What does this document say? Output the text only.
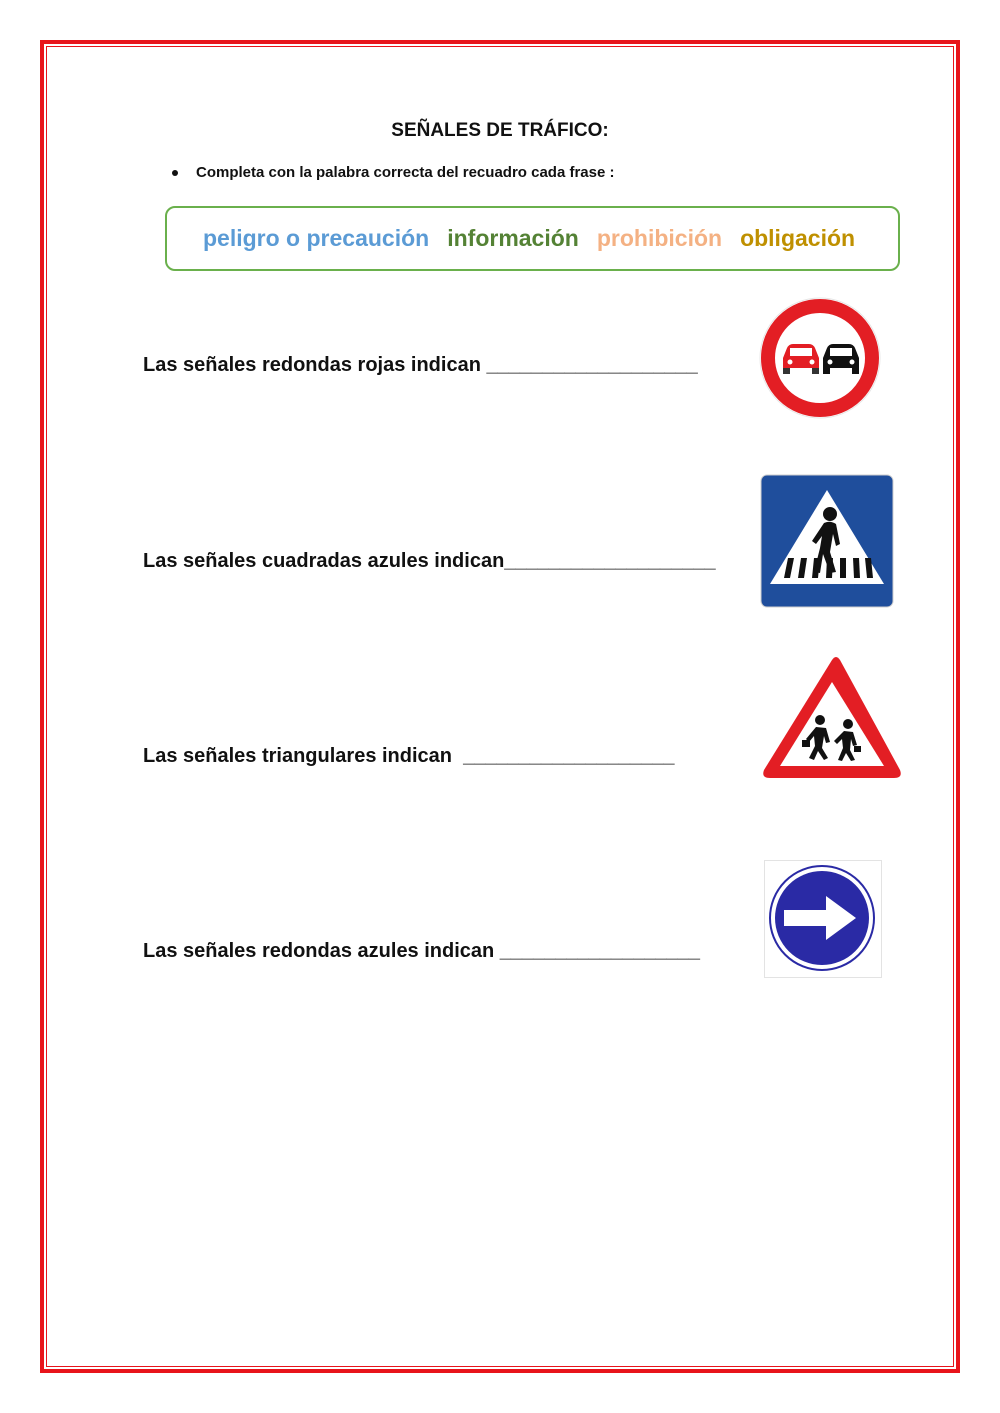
SEÑALES DE TRÁFICO:
Completa con la palabra correcta del recuadro cada frase :
peligro o precaución información prohibición obligación
Las señales redondas rojas indican ___________________
Las señales cuadradas azules indican___________________
Las señales triangulares indican  ___________________
Las señales redondas azules indican __________________
